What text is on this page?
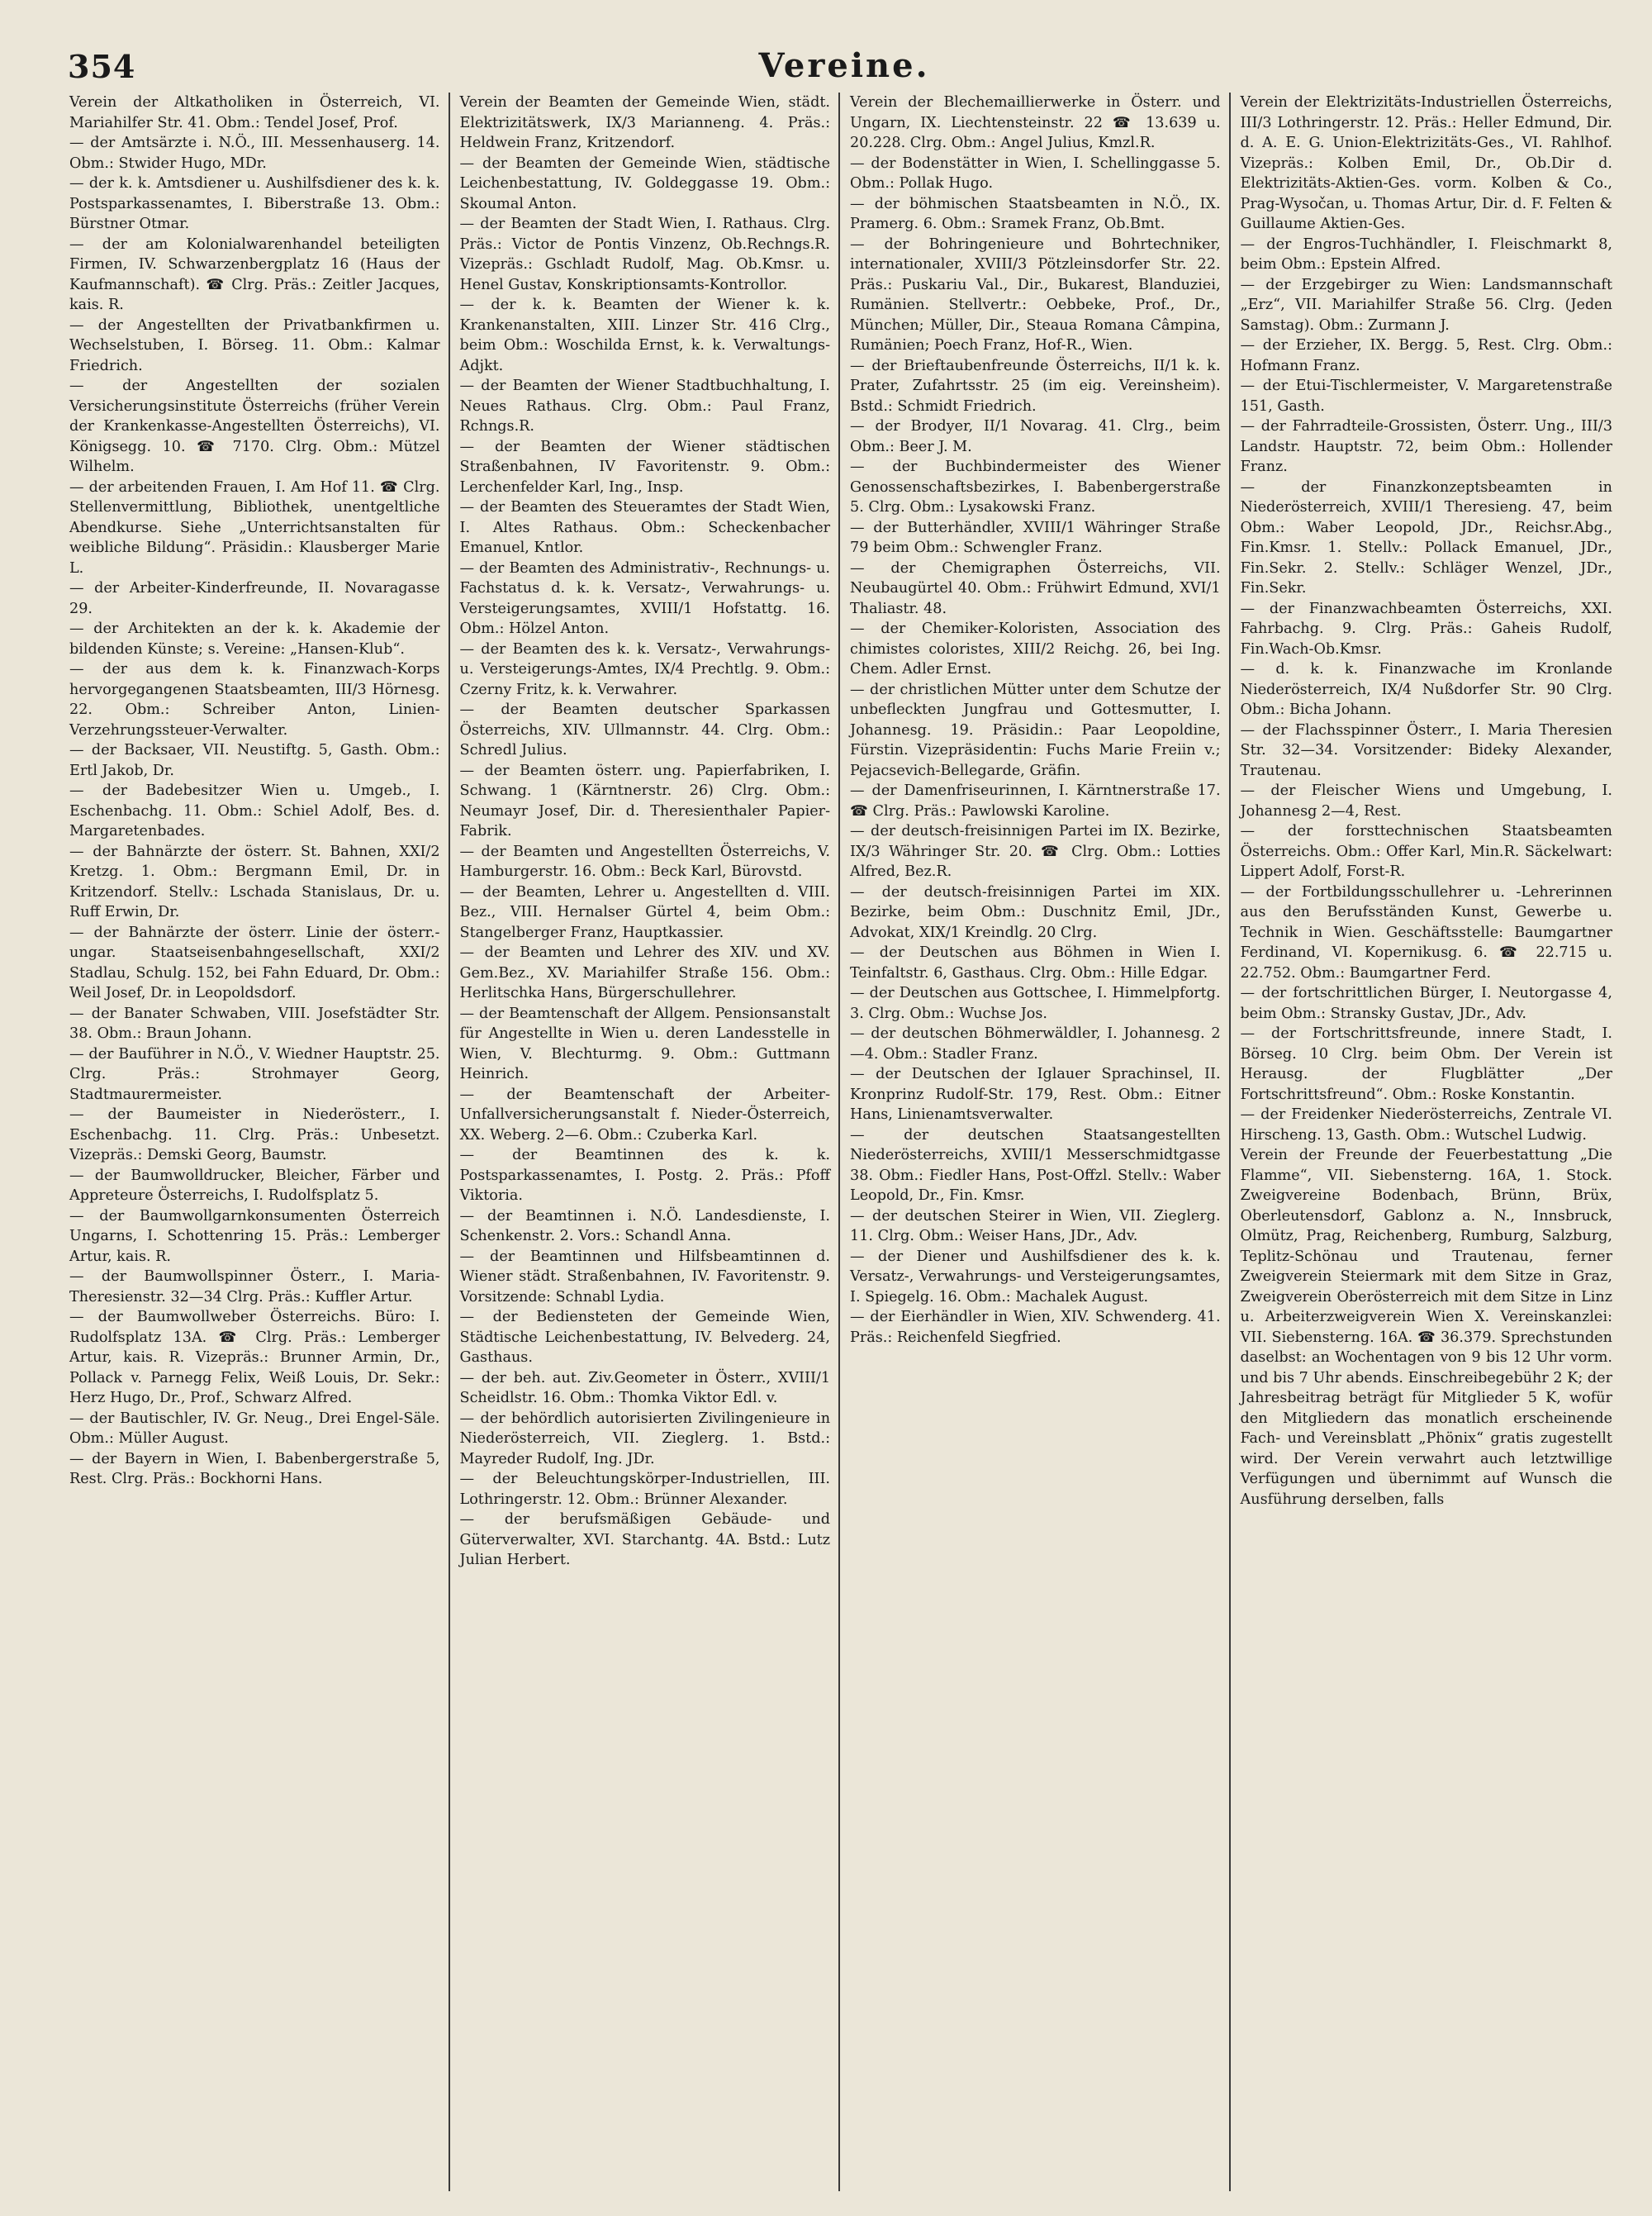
354	Vereine.

Verein der Altkatholiken in Österreich, VI. Mariahilfer Str. 41. Obm.: Tendel Josef, Prof.

— der Amtsärzte i. N.Ö., III. Messenhauserg. 14. Obm.: Stwider Hugo, MDr.

— der k. k. Amtsdiener u. Aushilfsdiener des k. k. Postsparkassenamtes, I. Biberstraße 13. Obm.: Bürstner Otmar.

— der am Kolonialwarenhandel beteiligten Firmen, IV. Schwarzenbergplatz 16 (Haus der Kaufmannschaft). ☎ Clrg. Präs.: Zeitler Jacques, kais. R.

— der Angestellten der Privatbankfirmen u. Wechselstuben, I. Börseg. 11. Obm.: Kalmar Friedrich.

— der Angestellten der sozialen Versicherungsinstitute Österreichs (früher Verein der Krankenkasse-Angestellten Österreichs), VI. Königsegg. 10. ☎ 7170. Clrg. Obm.: Mützel Wilhelm.

— der arbeitenden Frauen, I. Am Hof 11. ☎ Clrg. Stellenvermittlung, Bibliothek, unentgeltliche Abendkurse. Siehe „Unterrichtsanstalten für weibliche Bildung“. Präsidin.: Klausberger Marie L.

— der Arbeiter-Kinderfreunde, II. Novaragasse 29.

— der Architekten an der k. k. Akademie der bildenden Künste; s. Vereine: „Hansen-Klub“.

— der aus dem k. k. Finanzwach-Korps hervorgegangenen Staatsbeamten, III/3 Hörnesg. 22. Obm.: Schreiber Anton, Linien-Verzehrungssteuer-Verwalter.

— der Backsaer, VII. Neustiftg. 5, Gasth. Obm.: Ertl Jakob, Dr.

— der Badebesitzer Wien u. Umgeb., I. Eschenbachg. 11. Obm.: Schiel Adolf, Bes. d. Margaretenbades.

— der Bahnärzte der österr. St. Bahnen, XXI/2 Kretzg. 1. Obm.: Bergmann Emil, Dr. in Kritzendorf. Stellv.: Lschada Stanislaus, Dr. u. Ruff Erwin, Dr.

— der Bahnärzte der österr. Linie der österr.-ungar. Staatseisenbahngesellschaft, XXI/2 Stadlau, Schulg. 152, bei Fahn Eduard, Dr. Obm.: Weil Josef, Dr. in Leopoldsdorf.

— der Banater Schwaben, VIII. Josefstädter Str. 38. Obm.: Braun Johann.

— der Bauführer in N.Ö., V. Wiedner Hauptstr. 25. Clrg. Präs.: Strohmayer Georg, Stadtmaurermeister.

— der Baumeister in Niederösterr., I. Eschenbachg. 11. Clrg. Präs.: Unbesetzt. Vizepräs.: Demski Georg, Baumstr.

— der Baumwolldrucker, Bleicher, Färber und Appreteure Österreichs, I. Rudolfsplatz 5.

— der Baumwollgarnkonsumenten Österreich Ungarns, I. Schottenring 15. Präs.: Lemberger Artur, kais. R.

— der Baumwollspinner Österr., I. Maria-Theresienstr. 32—34 Clrg. Präs.: Kuffler Artur.

— der Baumwollweber Österreichs. Büro: I. Rudolfsplatz 13A. ☎ Clrg. Präs.: Lemberger Artur, kais. R. Vizepräs.: Brunner Armin, Dr., Pollack v. Parnegg Felix, Weiß Louis, Dr. Sekr.: Herz Hugo, Dr., Prof., Schwarz Alfred.

— der Bautischler, IV. Gr. Neug., Drei Engel-Säle. Obm.: Müller August.

— der Bayern in Wien, I. Babenbergerstraße 5, Rest. Clrg. Präs.: Bockhorni Hans.

Verein der Beamten der Gemeinde Wien, städt. Elektrizitätswerk, IX/3 Marianneng. 4. Präs.: Heldwein Franz, Kritzendorf.

— der Beamten der Gemeinde Wien, städtische Leichenbestattung, IV. Goldeggasse 19. Obm.: Skoumal Anton.

— der Beamten der Stadt Wien, I. Rathaus. Clrg. Präs.: Victor de Pontis Vinzenz, Ob.Rechngs.R. Vizepräs.: Gschladt Rudolf, Mag. Ob.Kmsr. u. Henel Gustav, Konskriptionsamts-Kontrollor.

— der k. k. Beamten der Wiener k. k. Krankenanstalten, XIII. Linzer Str. 416 Clrg., beim Obm.: Woschilda Ernst, k. k. Verwaltungs-Adjkt.

— der Beamten der Wiener Stadtbuchhaltung, I. Neues Rathaus. Clrg. Obm.: Paul Franz, Rchngs.R.

— der Beamten der Wiener städtischen Straßenbahnen, IV Favoritenstr. 9. Obm.: Lerchenfelder Karl, Ing., Insp.

— der Beamten des Steueramtes der Stadt Wien, I. Altes Rathaus. Obm.: Scheckenbacher Emanuel, Kntlor.

— der Beamten des Administrativ-, Rechnungs- u. Fachstatus d. k. k. Versatz-, Verwahrungs- u. Versteigerungsamtes, XVIII/1 Hofstattg. 16. Obm.: Hölzel Anton.

— der Beamten des k. k. Versatz-, Verwahrungs- u. Versteigerungs-Amtes, IX/4 Prechtlg. 9. Obm.: Czerny Fritz, k. k. Verwahrer.

— der Beamten deutscher Sparkassen Österreichs, XIV. Ullmannstr. 44. Clrg. Obm.: Schredl Julius.

— der Beamten österr. ung. Papierfabriken, I. Schwang. 1 (Kärntnerstr. 26) Clrg. Obm.: Neumayr Josef, Dir. d. Theresienthaler Papier-Fabrik.

— der Beamten und Angestellten Österreichs, V. Hamburgerstr. 16. Obm.: Beck Karl, Bürovstd.

— der Beamten, Lehrer u. Angestellten d. VIII. Bez., VIII. Hernalser Gürtel 4, beim Obm.: Stangelberger Franz, Hauptkassier.

— der Beamten und Lehrer des XIV. und XV. Gem.Bez., XV. Mariahilfer Straße 156. Obm.: Herlitschka Hans, Bürgerschullehrer.

— der Beamtenschaft der Allgem. Pensionsanstalt für Angestellte in Wien u. deren Landesstelle in Wien, V. Blechturmg. 9. Obm.: Guttmann Heinrich.

— der Beamtenschaft der Arbeiter-Unfallversicherungsanstalt f. Nieder-Österreich, XX. Weberg. 2—6. Obm.: Czuberka Karl.

— der Beamtinnen des k. k. Postsparkassenamtes, I. Postg. 2. Präs.: Pfoff Viktoria.

— der Beamtinnen i. N.Ö. Landesdienste, I. Schenkenstr. 2. Vors.: Schandl Anna.

— der Beamtinnen und Hilfsbeamtinnen d. Wiener städt. Straßenbahnen, IV. Favoritenstr. 9. Vorsitzende: Schnabl Lydia.

— der Bediensteten der Gemeinde Wien, Städtische Leichenbestattung, IV. Belvederg. 24, Gasthaus.

— der beh. aut. Ziv.Geometer in Österr., XVIII/1 Scheidlstr. 16. Obm.: Thomka Viktor Edl. v.

— der behördlich autorisierten Zivilingenieure in Niederösterreich, VII. Zieglerg. 1. Bstd.: Mayreder Rudolf, Ing. JDr.

— der Beleuchtungskörper-Industriellen, III. Lothringerstr. 12. Obm.: Brünner Alexander.

— der berufsmäßigen Gebäude- und Güterverwalter, XVI. Starchantg. 4A. Bstd.: Lutz Julian Herbert.

Verein der Blechemaillierwerke in Österr. und Ungarn, IX. Liechtensteinstr. 22 ☎ 13.639 u. 20.228. Clrg. Obm.: Angel Julius, Kmzl.R.

— der Bodenstätter in Wien, I. Schellinggasse 5. Obm.: Pollak Hugo.

— der böhmischen Staatsbeamten in N.Ö., IX. Pramerg. 6. Obm.: Sramek Franz, Ob.Bmt.

— der Bohringenieure und Bohrtechniker, internationaler, XVIII/3 Pötzleinsdorfer Str. 22. Präs.: Puskariu Val., Dir., Bukarest, Blanduziei, Rumänien. Stellvertr.: Oebbeke, Prof., Dr., München; Müller, Dir., Steaua Romana Câmpina, Rumänien; Poech Franz, Hof-R., Wien.

— der Brieftaubenfreunde Österreichs, II/1 k. k. Prater, Zufahrtsstr. 25 (im eig. Vereinsheim). Bstd.: Schmidt Friedrich.

— der Brodyer, II/1 Novarag. 41. Clrg., beim Obm.: Beer J. M.

— der Buchbindermeister des Wiener Genossenschaftsbezirkes, I. Babenbergerstraße 5. Clrg. Obm.: Lysakowski Franz.

— der Butterhändler, XVIII/1 Währinger Straße 79 beim Obm.: Schwengler Franz.

— der Chemigraphen Österreichs, VII. Neubaugürtel 40. Obm.: Frühwirt Edmund, XVI/1 Thaliastr. 48.

— der Chemiker-Koloristen, Association des chimistes coloristes, XIII/2 Reichg. 26, bei Ing. Chem. Adler Ernst.

— der christlichen Mütter unter dem Schutze der unbefleckten Jungfrau und Gottesmutter, I. Johannesg. 19. Präsidin.: Paar Leopoldine, Fürstin. Vizepräsidentin: Fuchs Marie Freiin v.; Pejacsevich-Bellegarde, Gräfin.

— der Damenfriseurinnen, I. Kärntnerstraße 17. ☎ Clrg. Präs.: Pawlowski Karoline.

— der deutsch-freisinnigen Partei im IX. Bezirke, IX/3 Währinger Str. 20. ☎ Clrg. Obm.: Lotties Alfred, Bez.R.

— der deutsch-freisinnigen Partei im XIX. Bezirke, beim Obm.: Duschnitz Emil, JDr., Advokat, XIX/1 Kreindlg. 20 Clrg.

— der Deutschen aus Böhmen in Wien I. Teinfaltstr. 6, Gasthaus. Clrg. Obm.: Hille Edgar.

— der Deutschen aus Gottschee, I. Himmelpfortg. 3. Clrg. Obm.: Wuchse Jos.

— der deutschen Böhmerwäldler, I. Johannesg. 2—4. Obm.: Stadler Franz.

— der Deutschen der Iglauer Sprachinsel, II. Kronprinz Rudolf-Str. 179, Rest. Obm.: Eitner Hans, Linienamtsverwalter.

— der deutschen Staatsangestellten Niederösterreichs, XVIII/1 Messerschmidtgasse 38. Obm.: Fiedler Hans, Post-Offzl. Stellv.: Waber Leopold, Dr., Fin. Kmsr.

— der deutschen Steirer in Wien, VII. Zieglerg. 11. Clrg. Obm.: Weiser Hans, JDr., Adv.

— der Diener und Aushilfsdiener des k. k. Versatz-, Verwahrungs- und Versteigerungsamtes, I. Spiegelg. 16. Obm.: Machalek August.

— der Eierhändler in Wien, XIV. Schwenderg. 41. Präs.: Reichenfeld Siegfried.

Verein der Elektrizitäts-Industriellen Österreichs, III/3 Lothringerstr. 12. Präs.: Heller Edmund, Dir. d. A. E. G. Union-Elektrizitäts-Ges., VI. Rahlhof. Vizepräs.: Kolben Emil, Dr., Ob.Dir d. Elektrizitäts-Aktien-Ges. vorm. Kolben & Co., Prag-Wysočan, u. Thomas Artur, Dir. d. F. Felten & Guillaume Aktien-Ges.

— der Engros-Tuchhändler, I. Fleischmarkt 8, beim Obm.: Epstein Alfred.

— der Erzgebirger zu Wien: Landsmannschaft „Erz“, VII. Mariahilfer Straße 56. Clrg. (Jeden Samstag). Obm.: Zurmann J.

— der Erzieher, IX. Bergg. 5, Rest. Clrg. Obm.: Hofmann Franz.

— der Etui-Tischlermeister, V. Margaretenstraße 151, Gasth.

— der Fahrradteile-Grossisten, Österr. Ung., III/3 Landstr. Hauptstr. 72, beim Obm.: Hollender Franz.

— der Finanzkonzeptsbeamten in Niederösterreich, XVIII/1 Theresieng. 47, beim Obm.: Waber Leopold, JDr., Reichsr.Abg., Fin.Kmsr. 1. Stellv.: Pollack Emanuel, JDr., Fin.Sekr. 2. Stellv.: Schläger Wenzel, JDr., Fin.Sekr.

— der Finanzwachbeamten Österreichs, XXI. Fahrbachg. 9. Clrg. Präs.: Gaheis Rudolf, Fin.Wach-Ob.Kmsr.

— d. k. k. Finanzwache im Kronlande Niederösterreich, IX/4 Nußdorfer Str. 90 Clrg. Obm.: Bicha Johann.

— der Flachsspinner Österr., I. Maria Theresien Str. 32—34. Vorsitzender: Bideky Alexander, Trautenau.

— der Fleischer Wiens und Umgebung, I. Johannesg 2—4, Rest.

— der forsttechnischen Staatsbeamten Österreichs. Obm.: Offer Karl, Min.R. Säckelwart: Lippert Adolf, Forst-R.

— der Fortbildungsschullehrer u. -Lehrerinnen aus den Berufsständen Kunst, Gewerbe u. Technik in Wien. Geschäftsstelle: Baumgartner Ferdinand, VI. Kopernikusg. 6. ☎ 22.715 u. 22.752. Obm.: Baumgartner Ferd.

— der fortschrittlichen Bürger, I. Neutorgasse 4, beim Obm.: Stransky Gustav, JDr., Adv.

— der Fortschrittsfreunde, innere Stadt, I. Börseg. 10 Clrg. beim Obm. Der Verein ist Herausg. der Flugblätter „Der Fortschrittsfreund“. Obm.: Roske Konstantin.

— der Freidenker Niederösterreichs, Zentrale VI. Hirscheng. 13, Gasth. Obm.: Wutschel Ludwig.

Verein der Freunde der Feuerbestattung „Die Flamme“, VII. Siebensterng. 16A, 1. Stock. Zweigvereine Bodenbach, Brünn, Brüx, Oberleutensdorf, Gablonz a. N., Innsbruck, Olmütz, Prag, Reichenberg, Rumburg, Salzburg, Teplitz-Schönau und Trautenau, ferner Zweigverein Steiermark mit dem Sitze in Graz, Zweigverein Oberösterreich mit dem Sitze in Linz u. Arbeiterzweigverein Wien X. Vereinskanzlei: VII. Siebensterng. 16A. ☎ 36.379. Sprechstunden daselbst: an Wochentagen von 9 bis 12 Uhr vorm. und bis 7 Uhr abends. Einschreibegebühr 2 K; der Jahresbeitrag beträgt für Mitglieder 5 K, wofür den Mitgliedern das monatlich erscheinende Fach- und Vereinsblatt „Phönix“ gratis zugestellt wird. Der Verein verwahrt auch letztwillige Verfügungen und übernimmt auf Wunsch die Ausführung derselben, falls
